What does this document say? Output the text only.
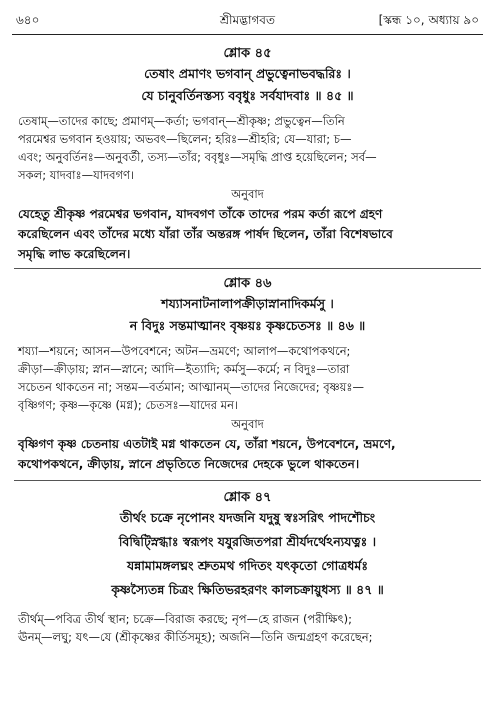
৬৪০	শ্রীমদ্ভাগবত	[স্কন্ধ ১০, অধ্যায় ৯০
শ্লোক ৪৫
তেষাং প্রমাণং ভগবান্ প্রভুত্বেনাভবদ্ধরিঃ ।
যে চানুবর্তিনস্তস্য ববৃধুঃ সর্বযাদবাঃ ॥ ৪৫ ॥
তেষাম্—তাদের কাছে; প্রমাণম্—কর্তা; ভগবান্—শ্রীকৃষ্ণ; প্রভুত্বেন—তিনি
পরমেশ্বর ভগবান হওয়ায়; অভবৎ—ছিলেন; হরিঃ—শ্রীহরি; যে—যারা; চ—
এবং; অনুবর্তিনঃ—অনুবর্তী, তস্য—তাঁর; ববৃধুঃ—সমৃদ্ধি প্রাপ্ত হয়েছিলেন; সর্ব—
সকল; যাদবাঃ—যাদবগণ।
অনুবাদ
যেহেতু শ্রীকৃষ্ণ পরমেশ্বর ভগবান, যাদবগণ তাঁকে তাদের পরম কর্তা রূপে গ্রহণ
করেছিলেন এবং তাঁদের মধ্যে যাঁরা তাঁর অন্তরঙ্গ পার্ষদ ছিলেন, তাঁরা বিশেষভাবে
সমৃদ্ধি লাভ করেছিলেন।
শ্লোক ৪৬
শয্যাসনাটনালাপক্রীড়াস্নানাদিকর্মসু ।
ন বিদুঃ সন্তমাত্মানং বৃষ্ণয়ঃ কৃষ্ণচেতসঃ ॥ ৪৬ ॥
শয্যা—শয়নে; আসন—উপবেশনে; অটন—ভ্রমণে; আলাপ—কথোপকথনে;
ক্রীড়া—ক্রীড়ায়; স্নান—স্নানে; আদি—ইত্যাদি; কর্মসু—কর্মে; ন বিদুঃ—তারা
সচেতন থাকতেন না; সন্তম—বর্তমান; আত্মানম্—তাদের নিজেদের; বৃষ্ণয়ঃ—
বৃষ্ণিগণ; কৃষ্ণ—কৃষ্ণে (মগ্ন); চেতসঃ—যাদের মন।
অনুবাদ
বৃষ্ণিগণ কৃষ্ণ চেতনায় এতটাই মগ্ন থাকতেন যে, তাঁরা শয়নে, উপবেশনে, ভ্রমণে,
কথোপকথনে, ক্রীড়ায়, স্নানে প্রভৃতিতে নিজেদের দেহকে ভুলে থাকতেন।
শ্লোক ৪৭
তীর্থং চক্রে নৃপোনং যদজনি যদুষু স্বঃসরিৎ পাদশৌচং
বিদ্বিট্স্নিগ্ধাঃ স্বরূপং যযুরজিতপরা শ্রীর্যদর্থেঽন্যযত্নঃ ।
যন্নামামঙ্গলঘ্নং শ্রুতমথ গদিতং যৎকৃতো গোত্রধর্মঃ
কৃষ্ণস্যৈতন্ন চিত্রং ক্ষিতিভরহরণং কালচক্রায়ুধস্য ॥ ৪৭ ॥
তীর্থম্—পবিত্র তীর্থ স্থান; চক্রে—বিরাজ করছে; নৃপ—হে রাজন (পরীক্ষিৎ);
ঊনম্—লঘু; যৎ—যে (শ্রীকৃষ্ণের কীর্তিসমূহ); অজনি—তিনি জন্মগ্রহণ করেছেন;
